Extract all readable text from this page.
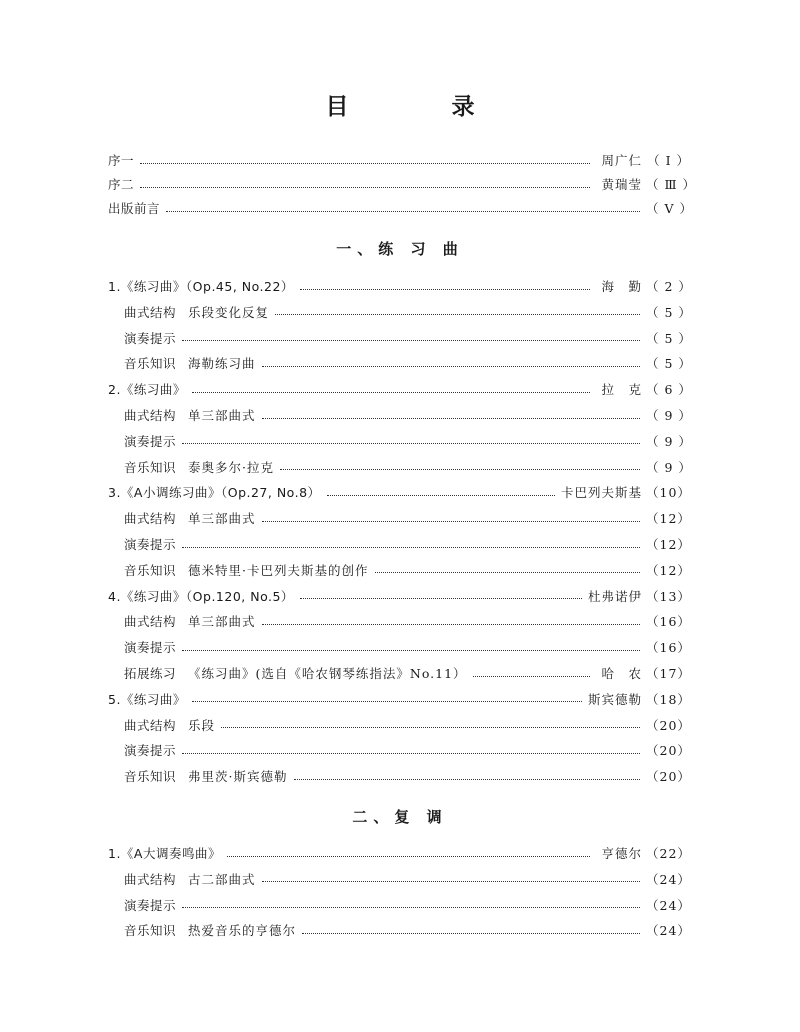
目　录
序一	周广仁 （ Ⅰ ）
序二	黄瑞莹 （ Ⅲ ）
出版前言	（ Ⅴ ）
一、练 习 曲
1.《练习曲》（Op.45, No.22）	海　勤 （ 2 ）
曲式结构 乐段变化反复	（ 5 ）
演奏提示	（ 5 ）
音乐知识 海勒练习曲	（ 5 ）
2.《练习曲》	拉　克 （ 6 ）
曲式结构 单三部曲式	（ 9 ）
演奏提示	（ 9 ）
音乐知识 泰奥多尔·拉克	（ 9 ）
3.《A小调练习曲》（Op.27, No.8）	卡巴列夫斯基 （10）
曲式结构 单三部曲式	（12）
演奏提示	（12）
音乐知识 德米特里·卡巴列夫斯基的创作	（12）
4.《练习曲》（Op.120, No.5）	杜弗诺伊 （13）
曲式结构 单三部曲式	（16）
演奏提示	（16）
拓展练习 《练习曲》(选自《哈农钢琴练指法》No.11）	哈　农 （17）
5.《练习曲》	斯宾德勒 （18）
曲式结构 乐段	（20）
演奏提示	（20）
音乐知识 弗里茨·斯宾德勒	（20）
二、复 调
1.《A大调奏鸣曲》	亨德尔 （22）
曲式结构 古二部曲式	（24）
演奏提示	（24）
音乐知识 热爱音乐的亨德尔	（24）
